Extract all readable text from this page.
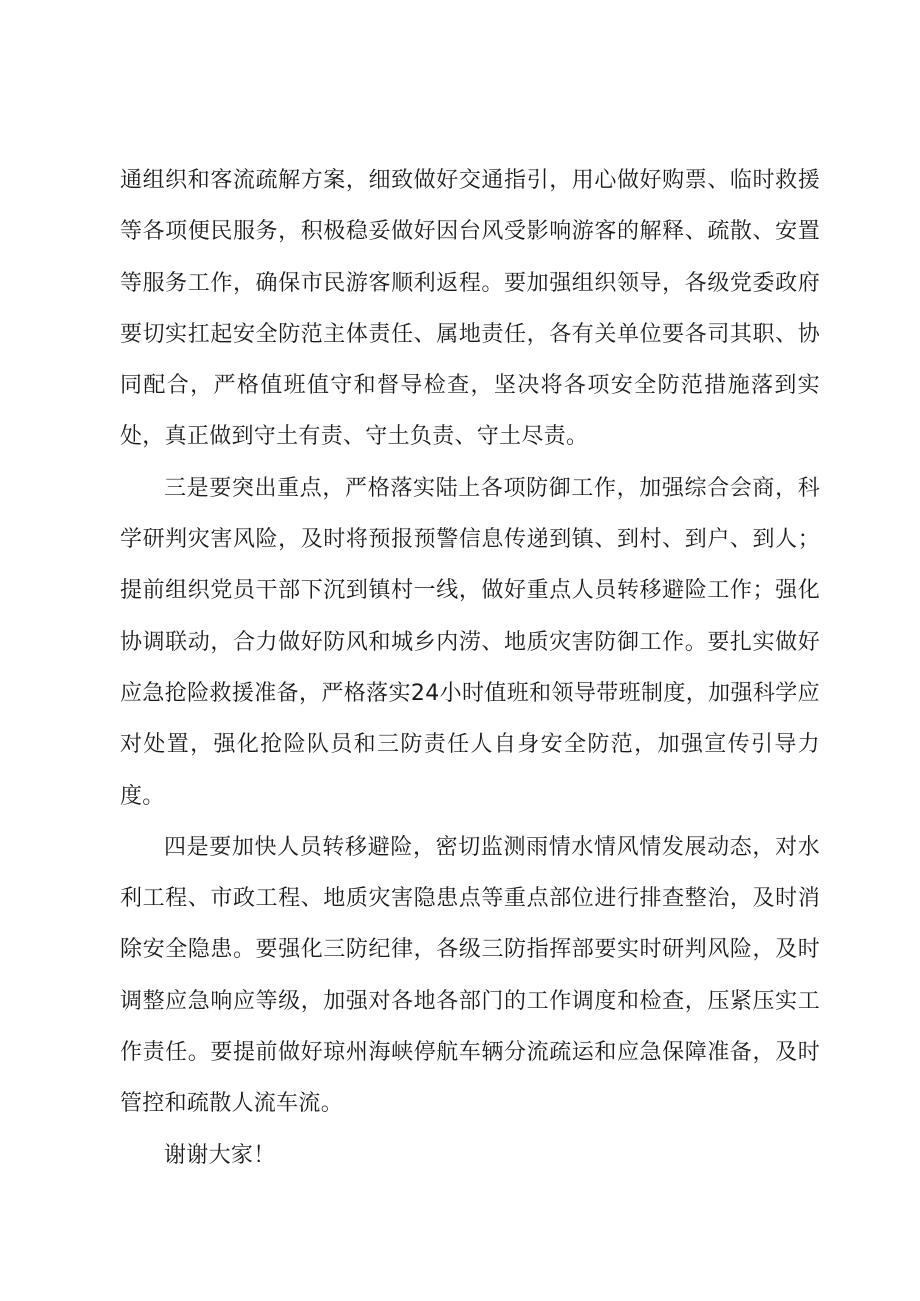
通组织和客流疏解方案，细致做好交通指引，用心做好购票、临时救援等各项便民服务，积极稳妥做好因台风受影响游客的解释、疏散、安置等服务工作，确保市民游客顺利返程。要加强组织领导，各级党委政府要切实扛起安全防范主体责任、属地责任，各有关单位要各司其职、协同配合，严格值班值守和督导检查，坚决将各项安全防范措施落到实处，真正做到守土有责、守土负责、守土尽责。

三是要突出重点，严格落实陆上各项防御工作，加强综合会商，科学研判灾害风险，及时将预报预警信息传递到镇、到村、到户、到人；提前组织党员干部下沉到镇村一线，做好重点人员转移避险工作；强化协调联动，合力做好防风和城乡内涝、地质灾害防御工作。要扎实做好应急抢险救援准备，严格落实24小时值班和领导带班制度，加强科学应对处置，强化抢险队员和三防责任人自身安全防范，加强宣传引导力度。

四是要加快人员转移避险，密切监测雨情水情风情发展动态，对水利工程、市政工程、地质灾害隐患点等重点部位进行排查整治，及时消除安全隐患。要强化三防纪律，各级三防指挥部要实时研判风险，及时调整应急响应等级，加强对各地各部门的工作调度和检查，压紧压实工作责任。要提前做好琼州海峡停航车辆分流疏运和应急保障准备，及时管控和疏散人流车流。

谢谢大家！
